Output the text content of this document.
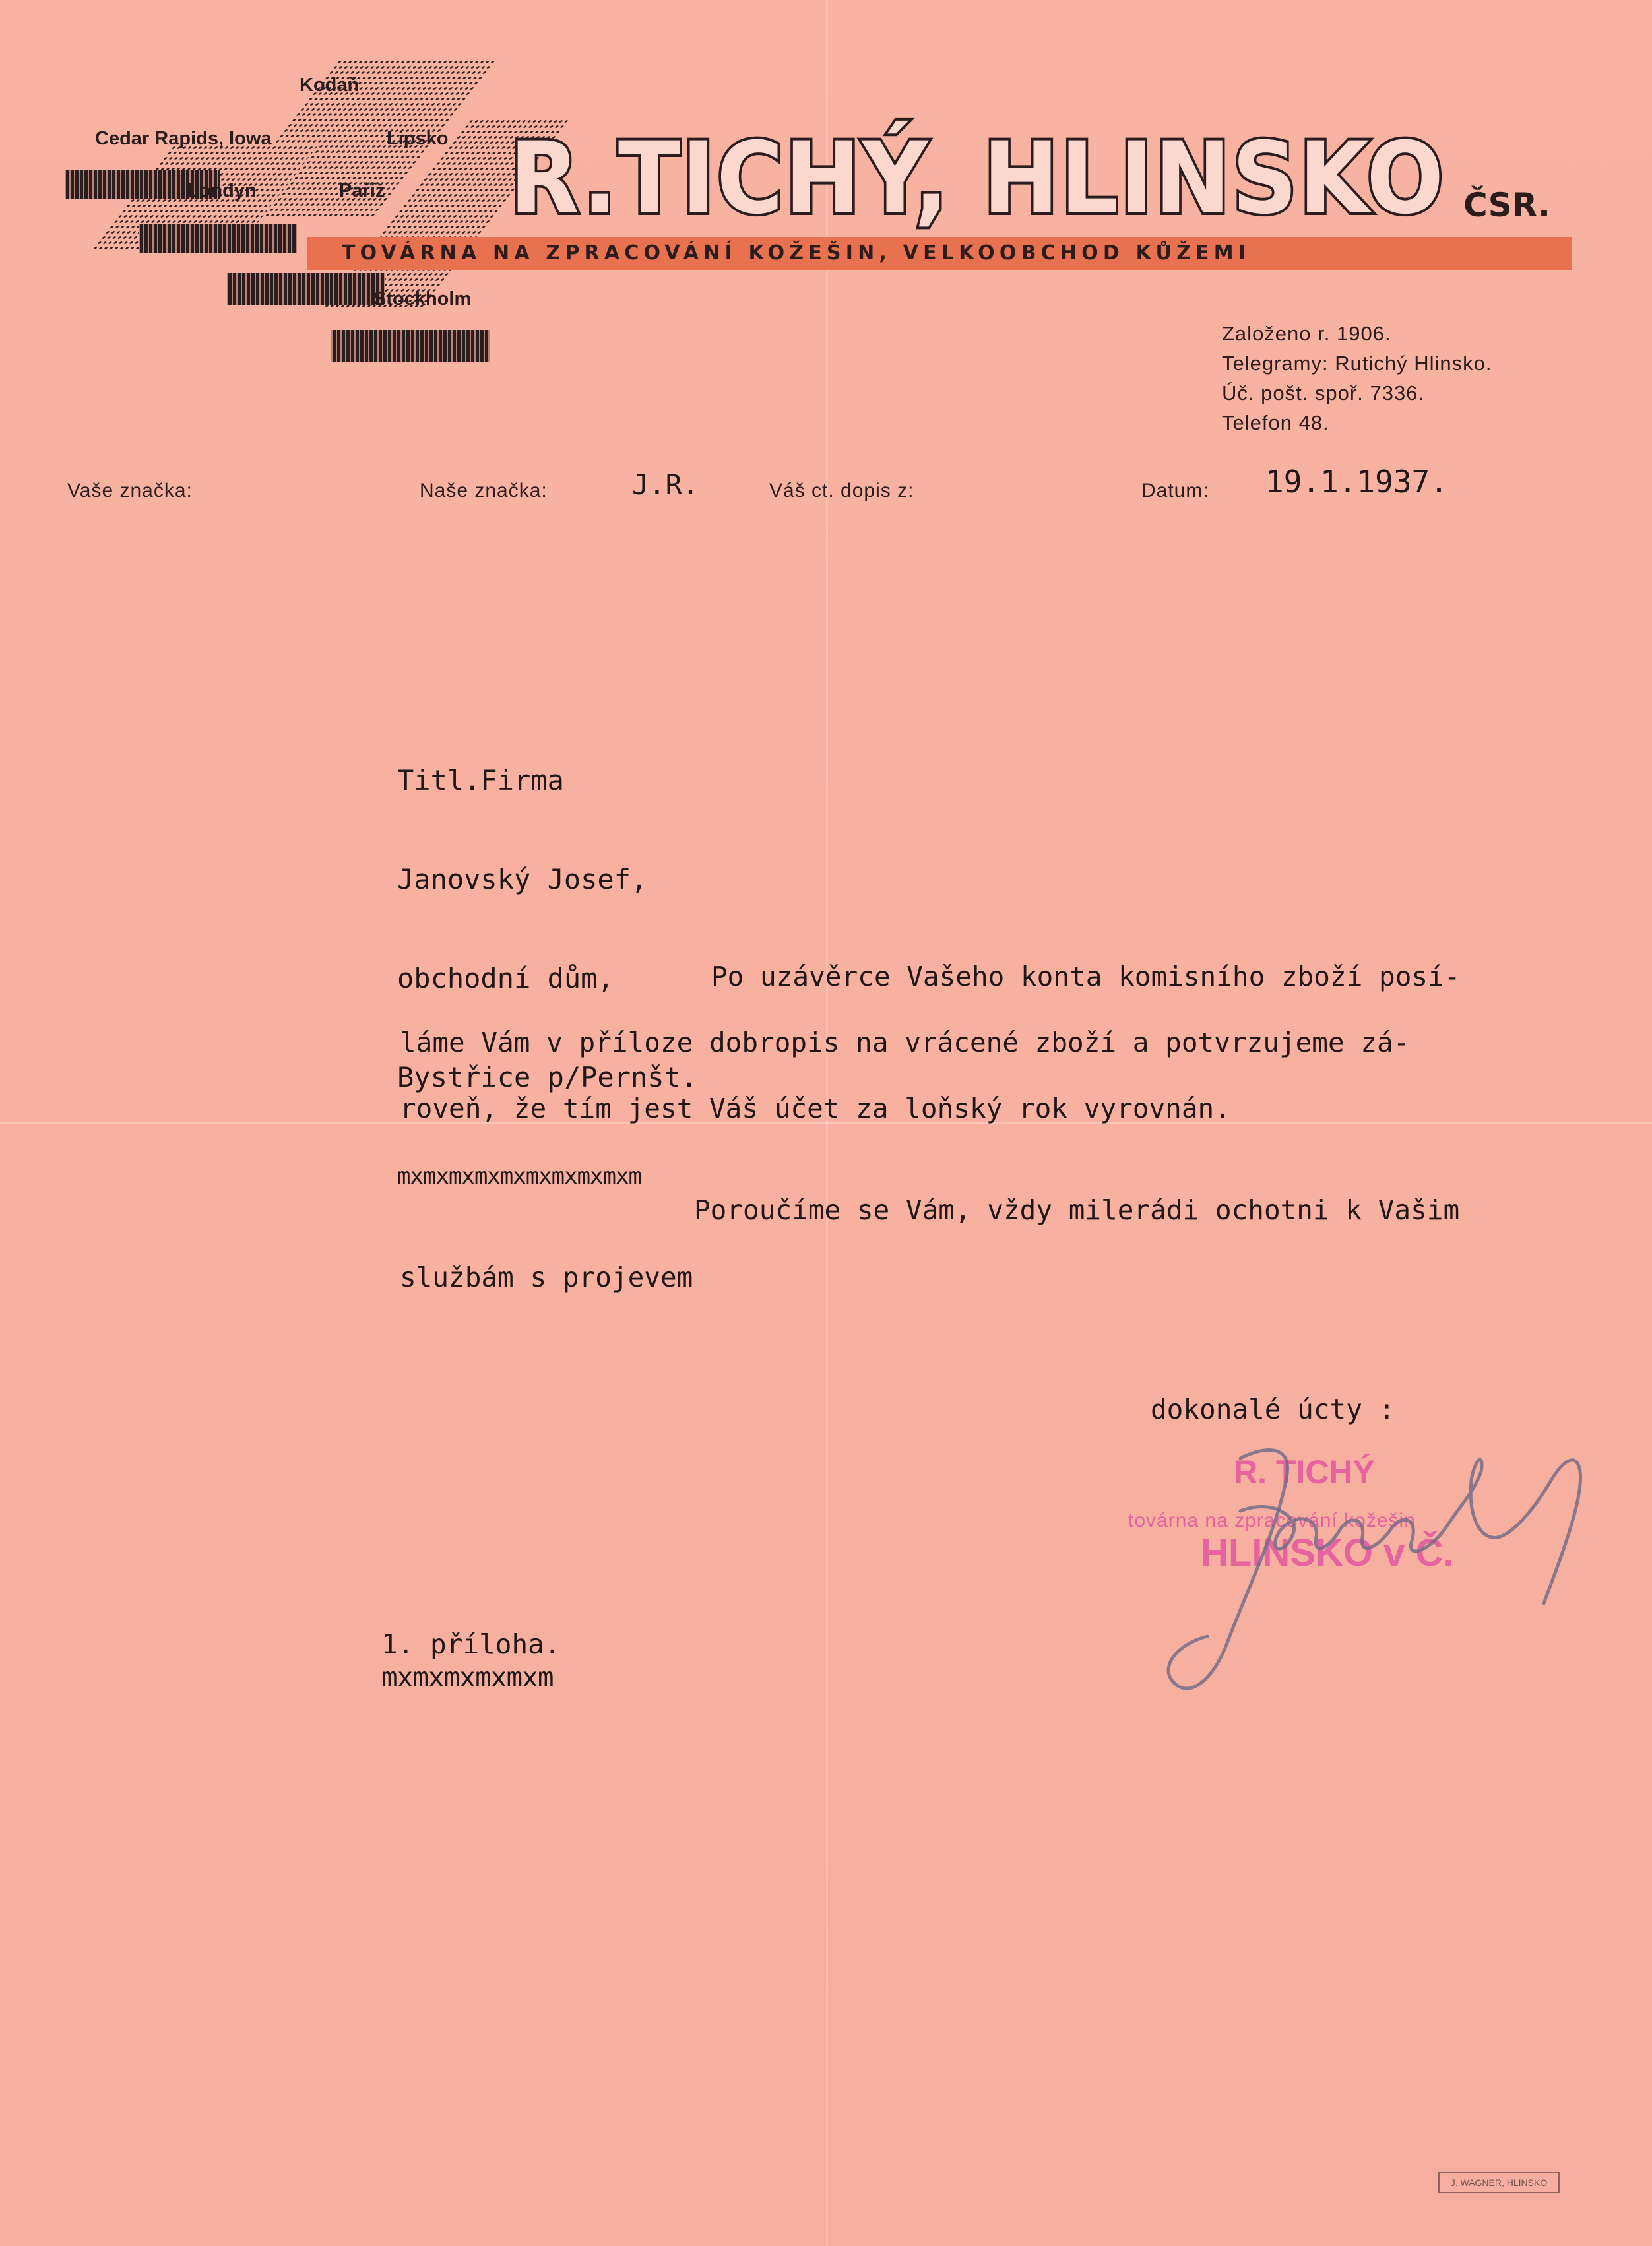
Kodaň
Cedar Rapids, Iowa	Lipsko
Londýn	Paříž
Stockholm
R.TICHÝ, HLINSKO ČSR.
TOVÁRNA NA ZPRACOVÁNÍ KOŽEŠIN, VELKOOBCHOD KŮŽEMI
Založeno r. 1906.
Telegramy: Rutichý Hlinsko.
Úč. pošt. spoř. 7336.
Telefon 48.
Vaše značka:	Naše značka:	J.R.	Váš ct. dopis z:	Datum: 19.1.1937.

Titl.Firma

Janovský Josef,

obchodní dům,

Bystřice p/Pernšt.

mxmxmxmxmxmxmxmxmxm

Po uzávěrce Vašeho konta komisního zboží posí-
láme Vám v příloze dobropis na vrácené zboží a potvrzujeme zá-
roveň, že tím jest Váš účet za loňský rok vyrovnán.
Poroučíme se Vám, vždy milerádi ochotni k Vašim
službám s projevem
dokonalé úcty :
R. TICHÝ
továrna na zpracování kožešin
HLINSKO v Č.
1. příloha.
mxmxmxmxmxm
J. WAGNER, HLINSKO
